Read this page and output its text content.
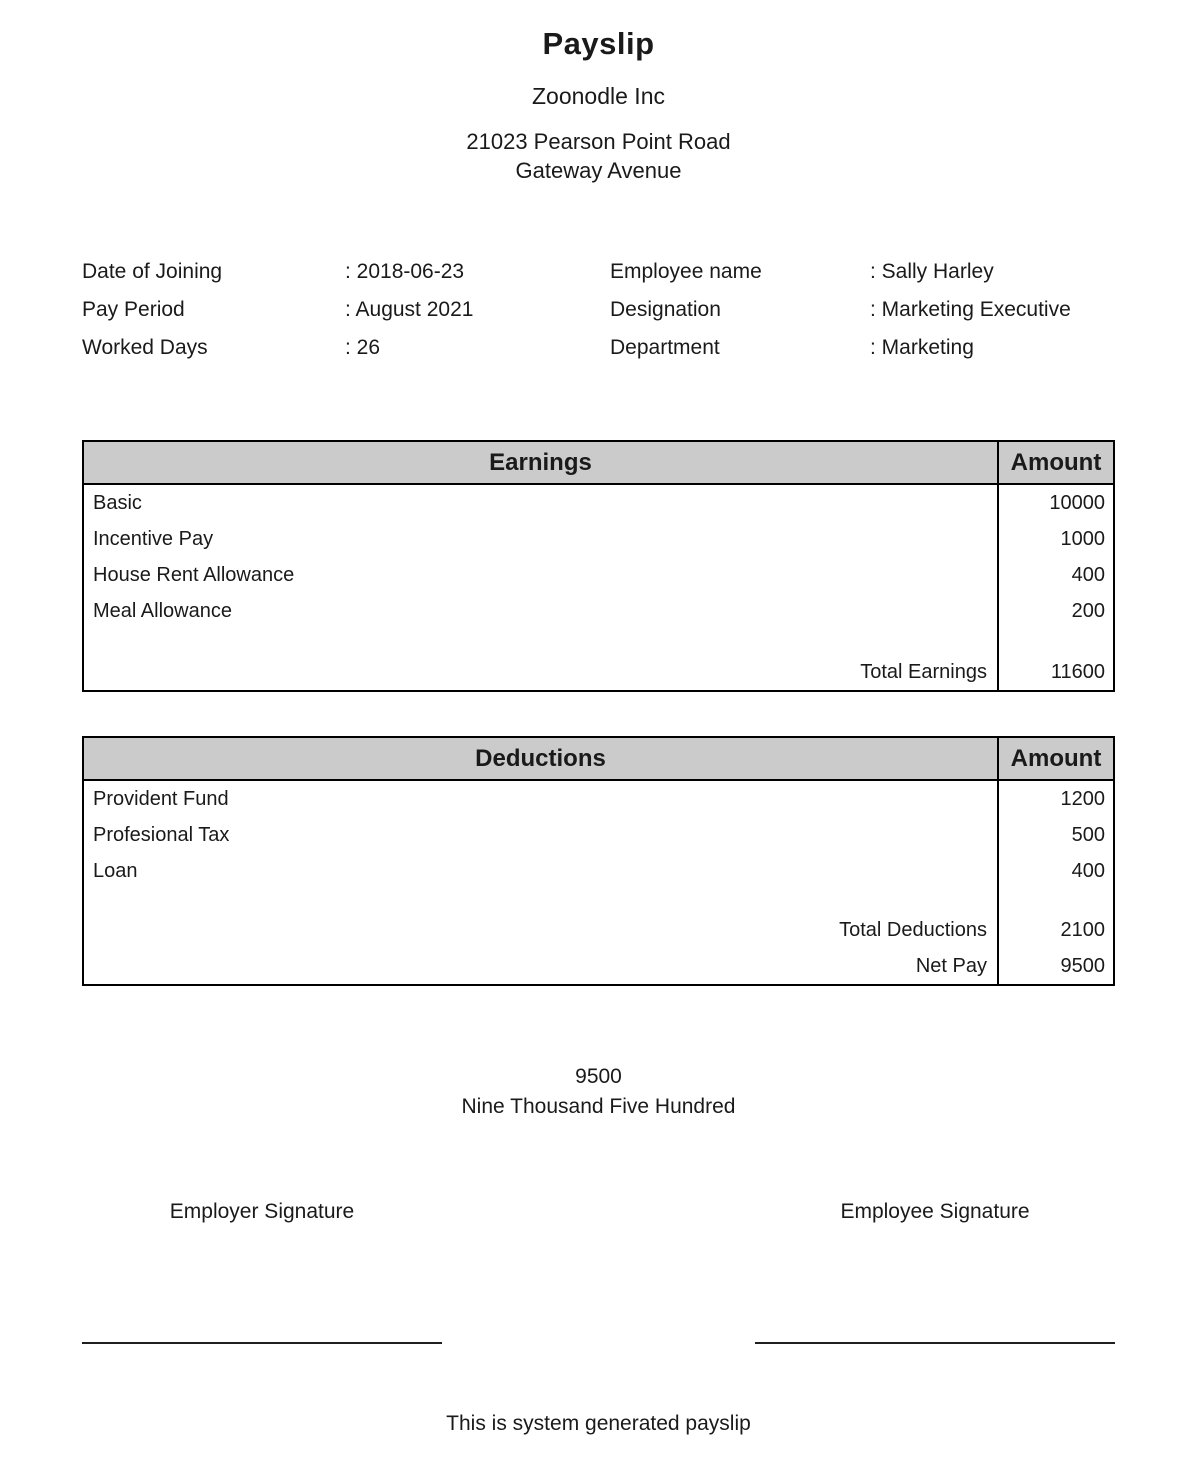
Payslip
Zoonodle Inc
21023 Pearson Point Road
Gateway Avenue
Date of Joining	: 2018-06-23	Employee name	: Sally Harley
Pay Period	: August 2021	Designation	: Marketing Executive
Worked Days	: 26	Department	: Marketing
Earnings	Amount
Basic	10000
Incentive Pay	1000
House Rent Allowance	400
Meal Allowance	200
Total Earnings	11600
Deductions	Amount
Provident Fund	1200
Profesional Tax	500
Loan	400
Total Deductions	2100
Net Pay	9500
9500
Nine Thousand Five Hundred
Employer Signature	Employee Signature
This is system generated payslip
